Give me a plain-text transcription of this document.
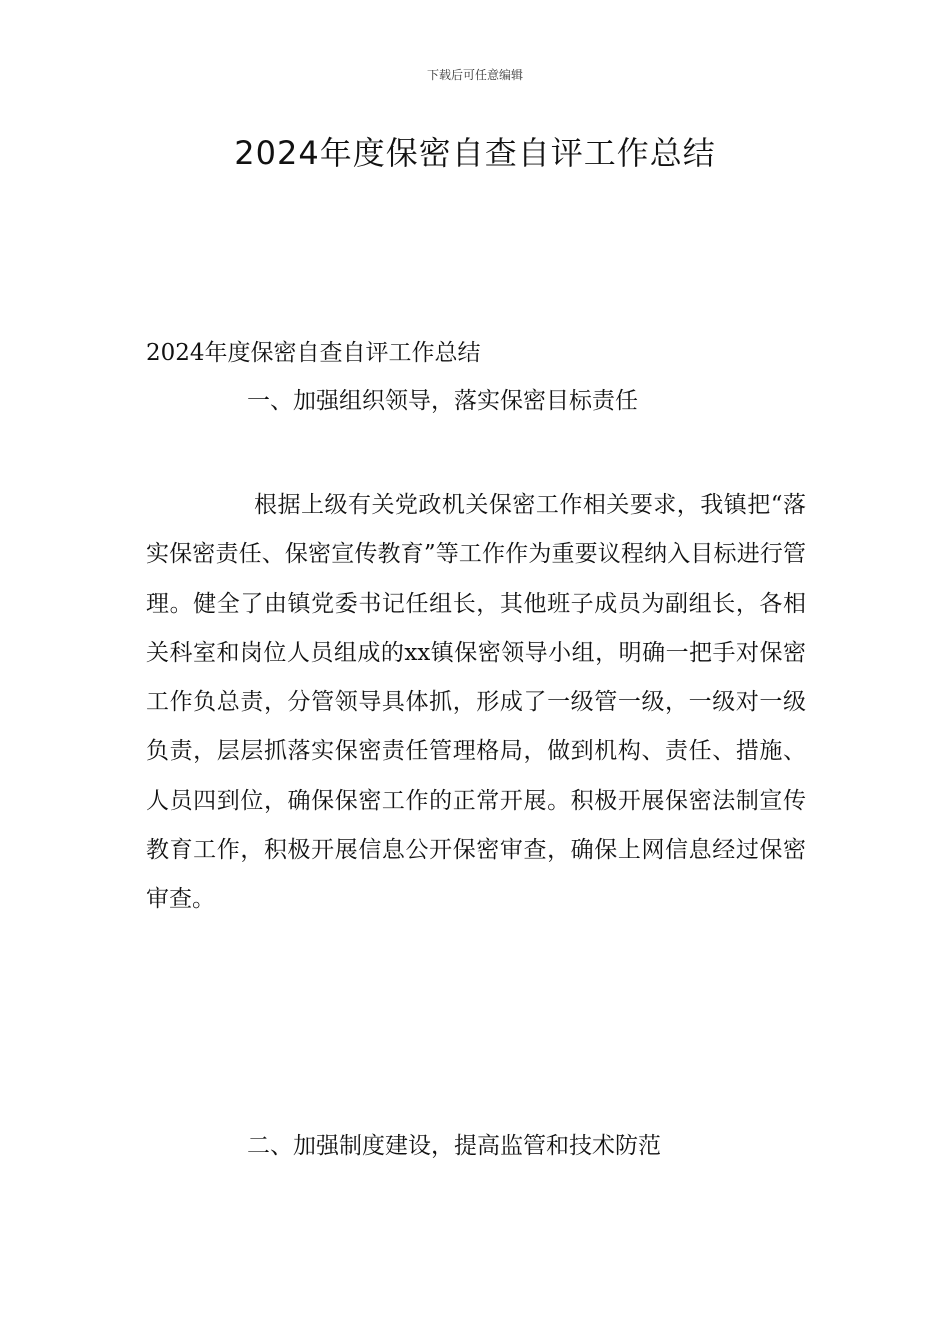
下载后可任意编辑
2024年度保密自查自评工作总结
2024年度保密自查自评工作总结
一、加强组织领导，落实保密目标责任

根据上级有关党政机关保密工作相关要求，我镇把“落实保密责任、保密宣传教育”等工作作为重要议程纳入目标进行管理。健全了由镇党委书记任组长，其他班子成员为副组长，各相关科室和岗位人员组成的xx镇保密领导小组，明确一把手对保密工作负总责，分管领导具体抓，形成了一级管一级，一级对一级负责，层层抓落实保密责任管理格局，做到机构、责任、措施、人员四到位，确保保密工作的正常开展。积极开展保密法制宣传教育工作，积极开展信息公开保密审查，确保上网信息经过保密审查。

二、加强制度建设，提高监管和技术防范
